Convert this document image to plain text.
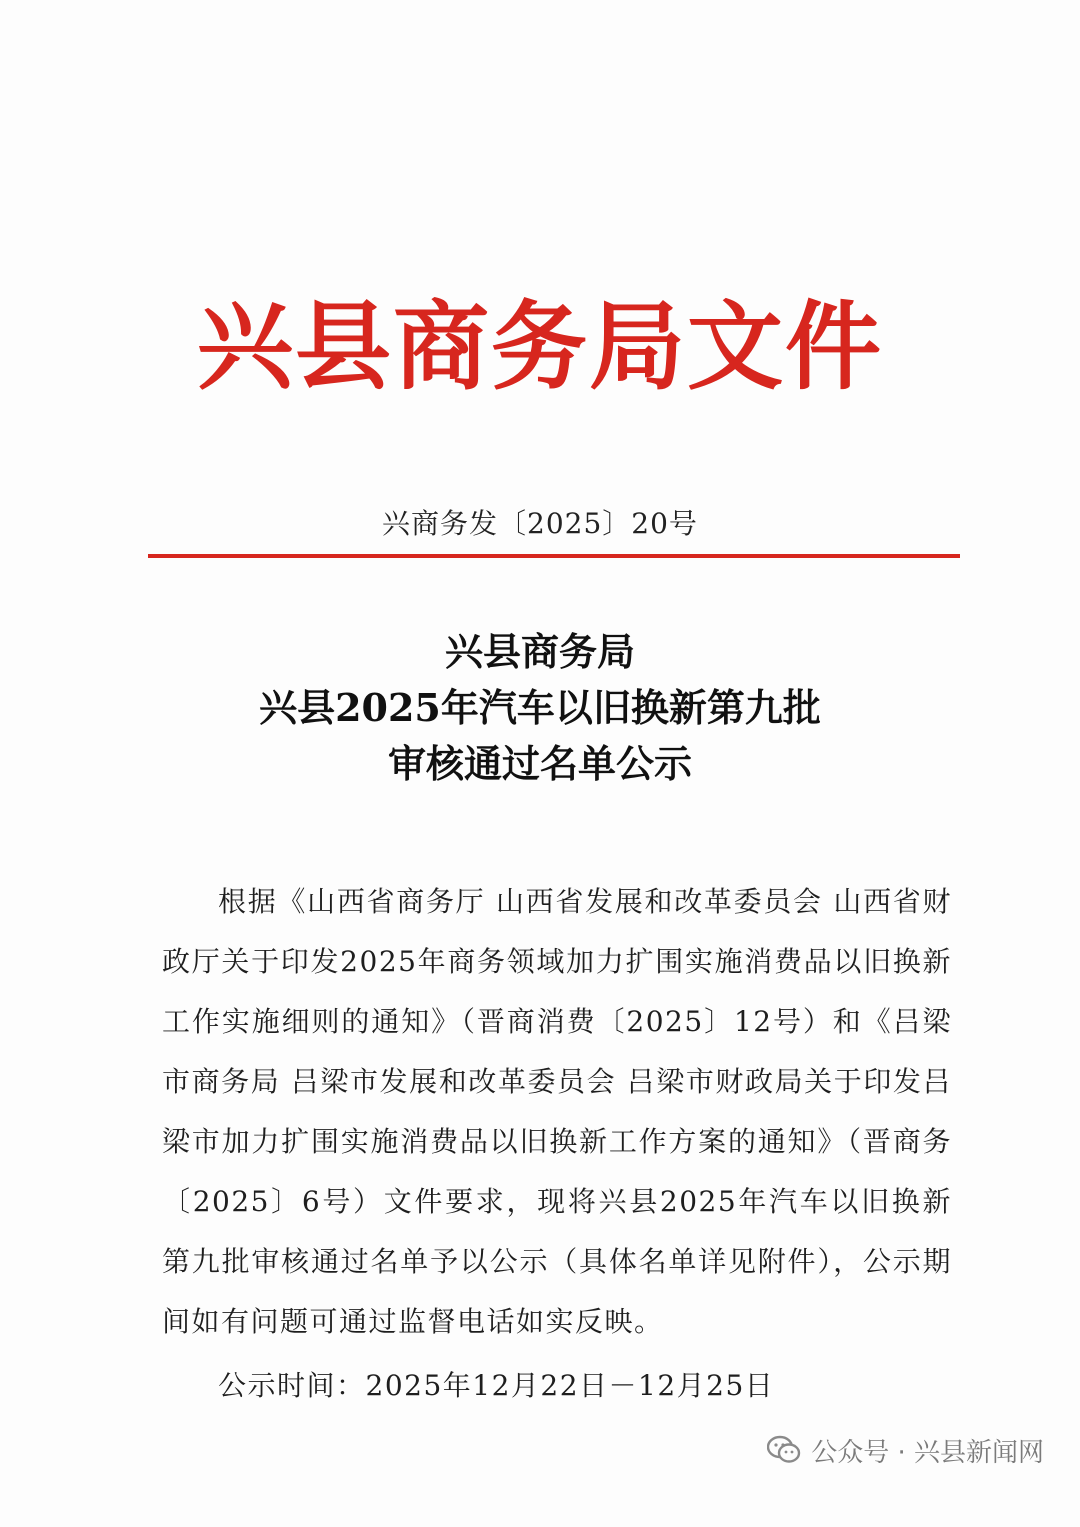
兴县商务局文件
兴商务发〔2025〕20号
兴县商务局
兴县2025年汽车以旧换新第九批
审核通过名单公示

根据《山西省商务厅 山西省发展和改革委员会 山西省财政厅关于印发2025年商务领域加力扩围实施消费品以旧换新工作实施细则的通知》（晋商消费〔2025〕12号）和《吕梁市商务局 吕梁市发展和改革委员会 吕梁市财政局关于印发吕梁市加力扩围实施消费品以旧换新工作方案的通知》（晋商务〔2025〕6号）文件要求，现将兴县2025年汽车以旧换新第九批审核通过名单予以公示（具体名单详见附件），公示期间如有问题可通过监督电话如实反映。

公示时间：2025年12月22日－12月25日

公众号 · 兴县新闻网
